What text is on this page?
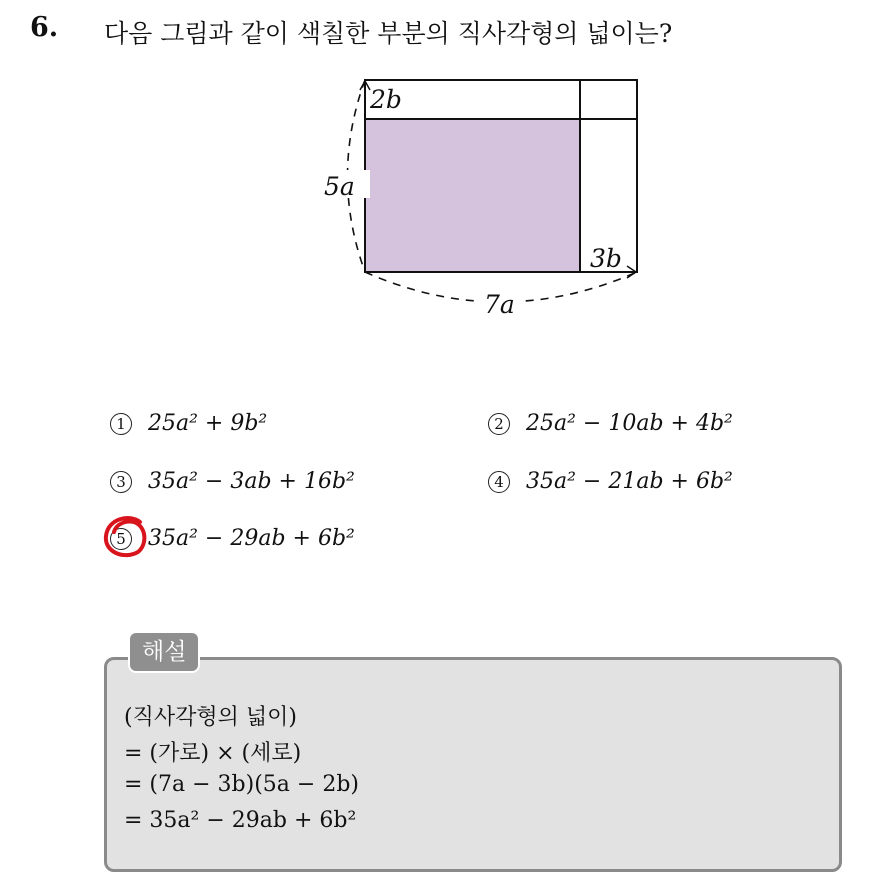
6. 다음 그림과 같이 색칠한 부분의 직사각형의 넓이는?
2b
5a
3b
7a
1 25a² + 9b²	2 25a² − 10ab + 4b²
3 35a² − 3ab + 16b²	4 35a² − 21ab + 6b²
5 35a² − 29ab + 6b²
해설
(직사각형의 넓이)
= (가로) × (세로)
= (7a − 3b)(5a − 2b)
= 35a² − 29ab + 6b²
